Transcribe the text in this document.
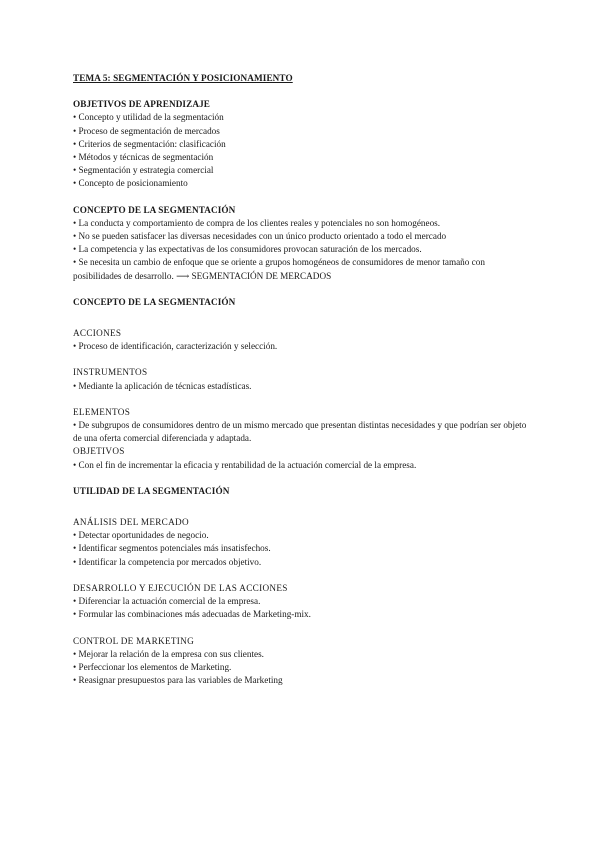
TEMA 5: SEGMENTACIÓN Y POSICIONAMIENTO
OBJETIVOS DE APRENDIZAJE
• Concepto y utilidad de la segmentación
• Proceso de segmentación de mercados
• Criterios de segmentación: clasificación
• Métodos y técnicas de segmentación
• Segmentación y estrategia comercial
• Concepto de posicionamiento
CONCEPTO DE LA SEGMENTACIÓN
• La conducta y comportamiento de compra de los clientes reales y potenciales no son homogéneos.
• No se pueden satisfacer las diversas necesidades con un único producto orientado a todo el mercado
• La competencia y las expectativas de los consumidores provocan saturación de los mercados.
• Se necesita un cambio de enfoque que se oriente a grupos homogéneos de consumidores de menor tamaño con posibilidades de desarrollo. ⟶ SEGMENTACIÓN DE MERCADOS
CONCEPTO DE LA SEGMENTACIÓN
ACCIONES
• Proceso de identificación, caracterización y selección.
INSTRUMENTOS
• Mediante la aplicación de técnicas estadísticas.
ELEMENTOS
• De subgrupos de consumidores dentro de un mismo mercado que presentan distintas necesidades y que podrían ser objeto de una oferta comercial diferenciada y adaptada.
OBJETIVOS
• Con el fin de incrementar la eficacia y rentabilidad de la actuación comercial de la empresa.
UTILIDAD DE LA SEGMENTACIÓN
ANÁLISIS DEL MERCADO
• Detectar oportunidades de negocio.
• Identificar segmentos potenciales más insatisfechos.
• Identificar la competencia por mercados objetivo.
DESARROLLO Y EJECUCIÓN DE LAS ACCIONES
• Diferenciar la actuación comercial de la empresa.
• Formular las combinaciones más adecuadas de Marketing-mix.
CONTROL DE MARKETING
• Mejorar la relación de la empresa con sus clientes.
• Perfeccionar los elementos de Marketing.
• Reasignar presupuestos para las variables de Marketing
